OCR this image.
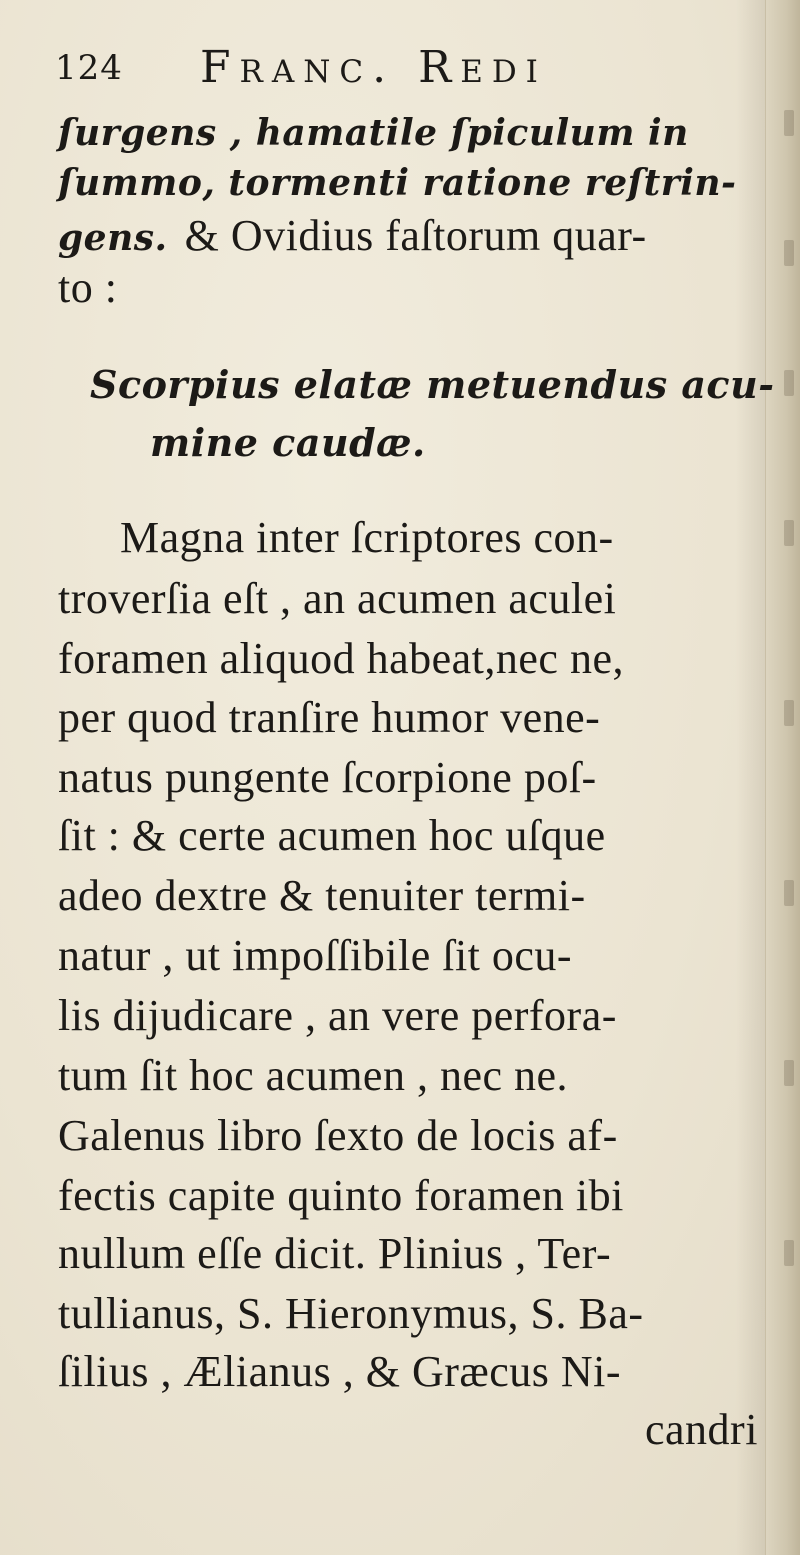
124 Franc. Redi
ſurgens , hamatile ſpiculum in
ſummo, tormenti ratione reſtrin-
gens. & Ovidius faſtorum quar-
to :
Scorpius elatæ metuendus acu-
mine caudæ.
Magna inter ſcriptores con-
troverſia eſt , an acumen aculei
foramen aliquod habeat,nec ne,
per quod tranſire humor vene-
natus pungente ſcorpione poſ-
ſit : & certe acumen hoc uſque
adeo dextre & tenuiter termi-
natur , ut impoſſibile ſit ocu-
lis dijudicare , an vere perfora-
tum ſit hoc acumen , nec ne.
Galenus libro ſexto de locis af-
fectis capite quinto foramen ibi
nullum eſſe dicit. Plinius , Ter-
tullianus, S. Hieronymus, S. Ba-
ſilius , Ælianus , & Græcus Ni-
candri
